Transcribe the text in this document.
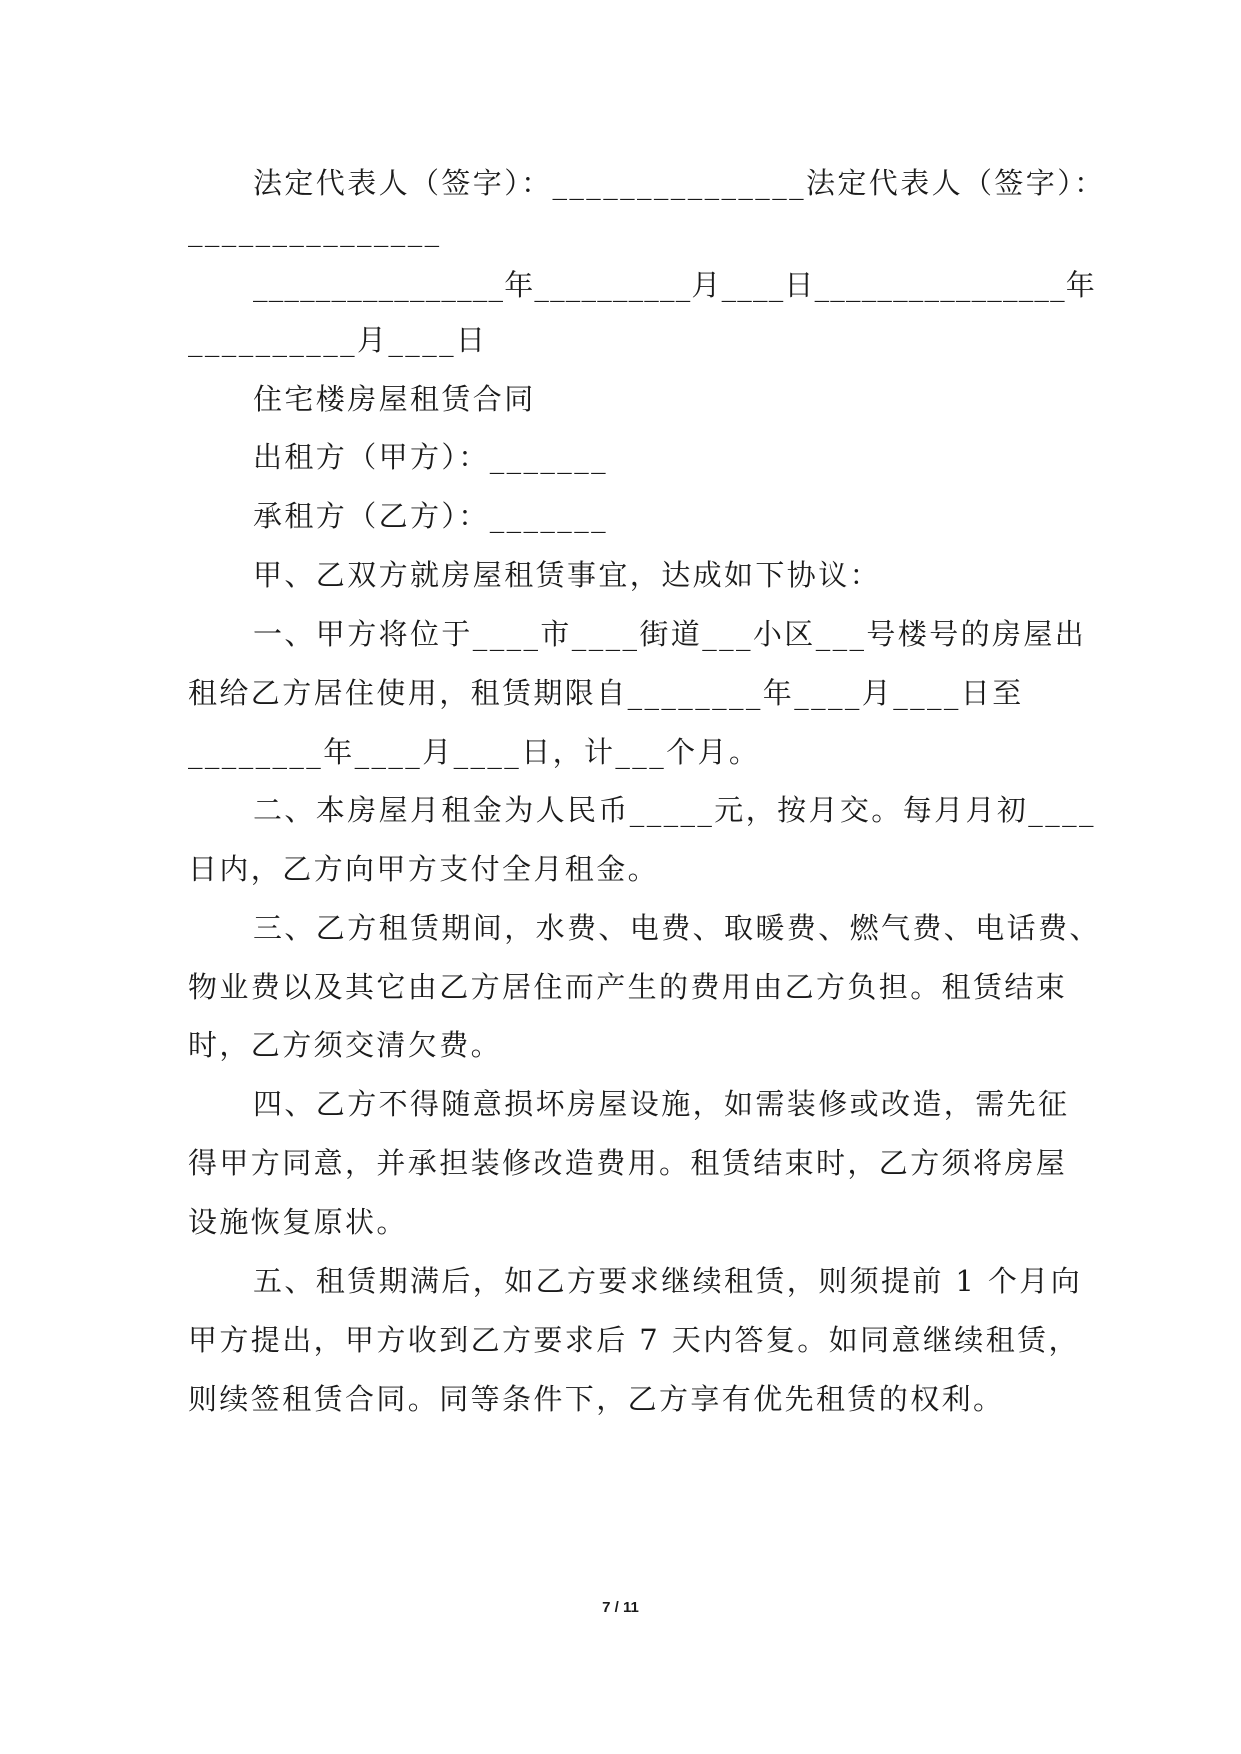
法定代表人（签字）：_______________法定代表人（签字）：
_______________
________________年__________月____日________________年
__________月____日
住宅楼房屋租赁合同
出租方（甲方）：_______
承租方（乙方）：_______
甲、乙双方就房屋租赁事宜，达成如下协议：
一、甲方将位于____市____街道___小区___号楼号的房屋出
租给乙方居住使用，租赁期限自________年____月____日至
________年____月____日，计___个月。
二、本房屋月租金为人民币_____元，按月交。每月月初____
日内，乙方向甲方支付全月租金。
三、乙方租赁期间，水费、电费、取暖费、燃气费、电话费、
物业费以及其它由乙方居住而产生的费用由乙方负担。租赁结束
时，乙方须交清欠费。
四、乙方不得随意损坏房屋设施，如需装修或改造，需先征
得甲方同意，并承担装修改造费用。租赁结束时，乙方须将房屋
设施恢复原状。
五、租赁期满后，如乙方要求继续租赁，则须提前 1 个月向
甲方提出，甲方收到乙方要求后 7 天内答复。如同意继续租赁，
则续签租赁合同。同等条件下，乙方享有优先租赁的权利。
7 / 11
